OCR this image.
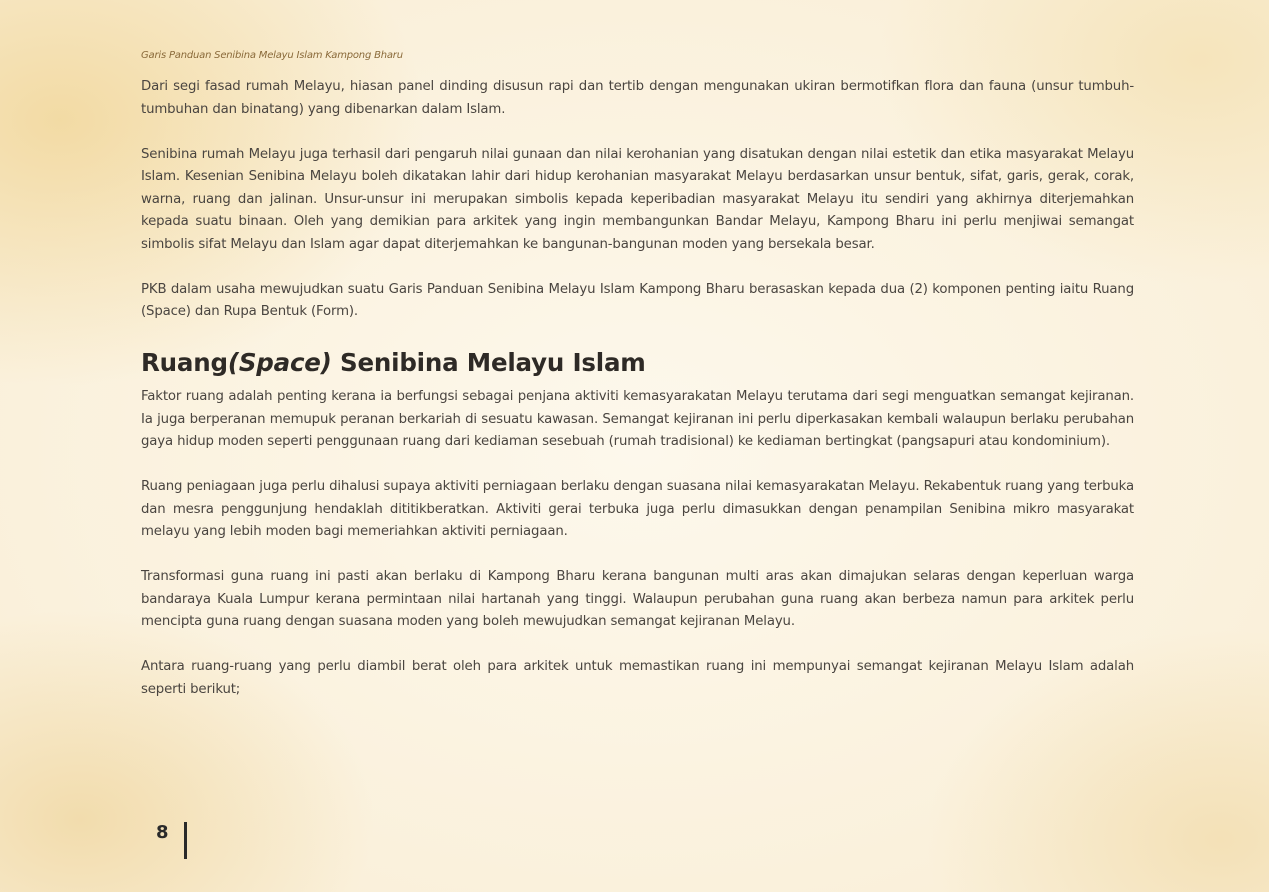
Garis Panduan Senibina Melayu Islam Kampong Bharu

Dari segi fasad rumah Melayu, hiasan panel dinding disusun rapi dan tertib dengan mengunakan ukiran bermotifkan flora dan fauna (unsur tumbuh-tumbuhan dan binatang) yang dibenarkan dalam Islam.

Senibina rumah Melayu juga terhasil dari pengaruh nilai gunaan dan nilai kerohanian yang disatukan dengan nilai estetik dan etika masyarakat Melayu Islam. Kesenian Senibina Melayu boleh dikatakan lahir dari hidup kerohanian masyarakat Melayu berdasarkan unsur bentuk, sifat, garis, gerak, corak, warna, ruang dan jalinan. Unsur-unsur ini merupakan simbolis kepada keperibadian masyarakat Melayu itu sendiri yang akhirnya diterjemahkan kepada suatu binaan. Oleh yang demikian para arkitek yang ingin membangunkan Bandar Melayu, Kampong Bharu ini perlu menjiwai semangat simbolis sifat Melayu dan Islam agar dapat diterjemahkan ke bangunan-bangunan moden yang bersekala besar.

PKB dalam usaha mewujudkan suatu Garis Panduan Senibina Melayu Islam Kampong Bharu berasaskan kepada dua (2) komponen penting iaitu Ruang (Space) dan Rupa Bentuk (Form).

Ruang(Space) Senibina Melayu Islam

Faktor ruang adalah penting kerana ia berfungsi sebagai penjana aktiviti kemasyarakatan Melayu terutama dari segi menguatkan semangat kejiranan. Ia juga berperanan memupuk peranan berkariah di sesuatu kawasan. Semangat kejiranan ini perlu diperkasakan kembali walaupun berlaku perubahan gaya hidup moden seperti penggunaan ruang dari kediaman sesebuah (rumah tradisional) ke kediaman bertingkat (pangsapuri atau kondominium).

Ruang peniagaan juga perlu dihalusi supaya aktiviti perniagaan berlaku dengan suasana nilai kemasyarakatan Melayu. Rekabentuk ruang yang terbuka dan mesra penggunjung hendaklah dititikberatkan. Aktiviti gerai terbuka juga perlu dimasukkan dengan penampilan Senibina mikro masyarakat melayu yang lebih moden bagi memeriahkan aktiviti perniagaan.

Transformasi guna ruang ini pasti akan berlaku di Kampong Bharu kerana bangunan multi aras akan dimajukan selaras dengan keperluan warga bandaraya Kuala Lumpur kerana permintaan nilai hartanah yang tinggi. Walaupun perubahan guna ruang akan berbeza namun para arkitek perlu mencipta guna ruang dengan suasana moden yang boleh mewujudkan semangat kejiranan Melayu.

Antara ruang-ruang yang perlu diambil berat oleh para arkitek untuk memastikan ruang ini mempunyai semangat kejiranan Melayu Islam adalah seperti berikut;

8
